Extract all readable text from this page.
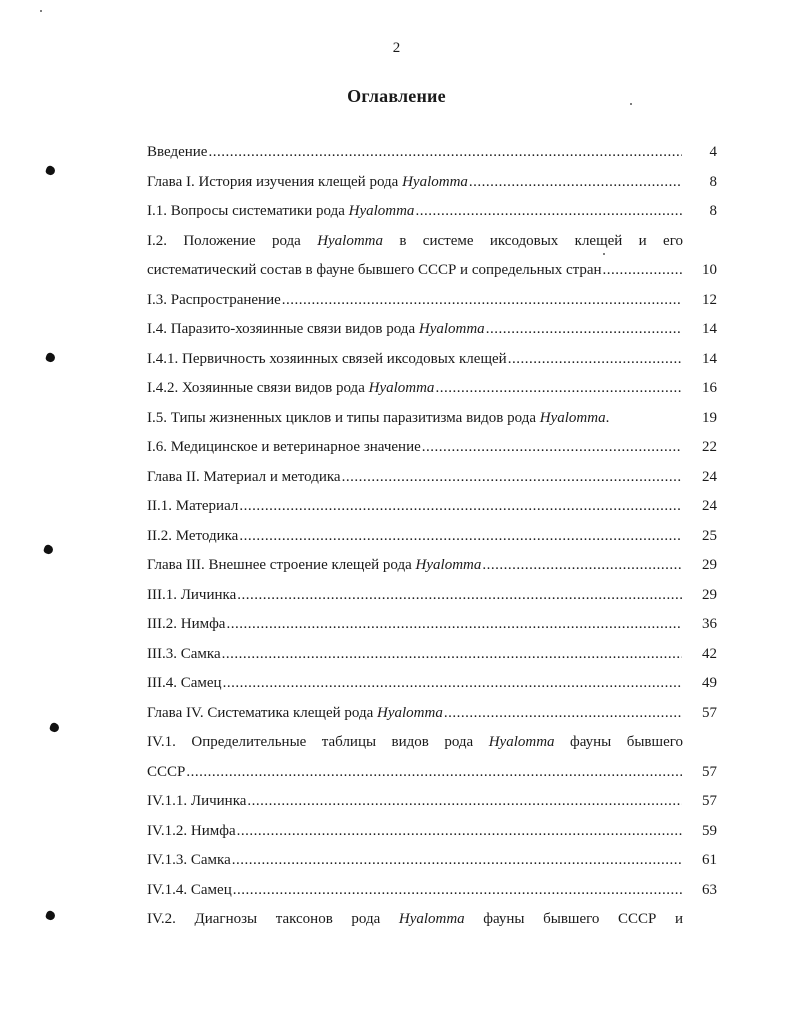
2
Оглавление
Введение .....	4
Глава I. История изучения клещей рода Hyalomma .....	8
I.1. Вопросы систематики рода Hyalomma .....	8
I.2. Положение рода Hyalomma в системе иксодовых клещей и его
систематический состав в фауне бывшего СССР и сопредельных стран .....	10
I.3. Распространение .....	12
I.4. Паразито-хозяинные связи видов рода Hyalomma .....	14
I.4.1. Первичность хозяинных связей иксодовых клещей .....	14
I.4.2. Хозяинные связи видов рода Hyalomma .....	16
I.5. Типы жизненных циклов и типы паразитизма видов рода Hyalomma.	19
I.6. Медицинское и ветеринарное значение .....	22
Глава II. Материал и методика .....	24
II.1. Материал .....	24
II.2. Методика .....	25
Глава III. Внешнее строение клещей рода Hyalomma .....	29
III.1. Личинка .....	29
III.2. Нимфа .....	36
III.3. Самка .....	42
III.4. Самец .....	49
Глава IV. Систематика клещей рода Hyalomma .....	57
IV.1. Определительные таблицы видов рода Hyalomma фауны бывшего
СССР .....	57
IV.1.1. Личинка .....	57
IV.1.2. Нимфа .....	59
IV.1.3. Самка .....	61
IV.1.4. Самец .....	63
IV.2. Диагнозы таксонов рода Hyalomma фауны бывшего СССР и
